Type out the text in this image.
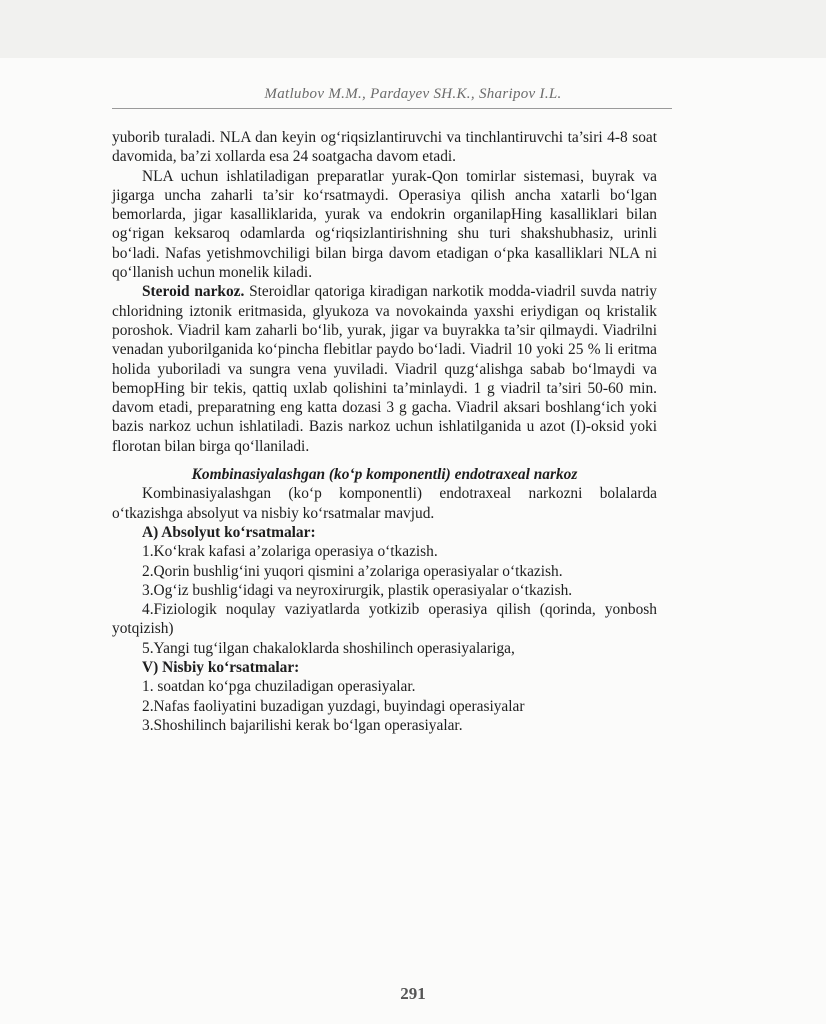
Matlubov M.M., Pardayev SH.K., Sharipov I.L.

yuborib turaladi. NLA dan keyin og‘riqsizlantiruvchi va tinchlantiruvchi ta’siri 4-8 soat davomida, ba’zi xollarda esa 24 soatgacha davom etadi.

NLA uchun ishlatiladigan preparatlar yurak-Qon tomirlar sistemasi, buyrak va jigarga uncha zaharli ta’sir ko‘rsatmaydi. Operasiya qilish ancha xatarli bo‘lgan bemorlarda, jigar kasalliklarida, yurak va endokrin organilapHing kasalliklari bilan og‘rigan keksaroq odamlarda og‘riqsizlantirishning shu turi shakshubhasiz, urinli bo‘ladi. Nafas yetishmovchiligi bilan birga davom etadigan o‘pka kasalliklari NLA ni qo‘llanish uchun monelik kiladi.

Steroid narkoz. Steroidlar qatoriga kiradigan narkotik modda-viadril suvda natriy chloridning iztonik eritmasida, glyukoza va novokainda yaxshi eriydigan oq kristalik poroshok. Viadril kam zaharli bo‘lib, yurak, jigar va buyrakka ta’sir qilmaydi. Viadrilni venadan yuborilganida ko‘pincha flebitlar paydo bo‘ladi. Viadril 10 yoki 25 % li eritma holida yuboriladi va sungra vena yuviladi. Viadril quzg‘alishga sabab bo‘lmaydi va bemopHing bir tekis, qattiq uxlab qolishini ta’minlaydi. 1 g viadril ta’siri 50-60 min. davom etadi, preparatning eng katta dozasi 3 g gacha. Viadril aksari boshlang‘ich yoki bazis narkoz uchun ishlatiladi. Bazis narkoz uchun ishlatilganida u azot (I)-oksid yoki florotan bilan birga qo‘llaniladi.

Kombinasiyalashgan (ko‘p komponentli) endotraxeal narkoz

Kombinasiyalashgan (ko‘p komponentli) endotraxeal narkozni bolalarda o‘tkazishga absolyut va nisbiy ko‘rsatmalar mavjud.

A) Absolyut ko‘rsatmalar:

1.Ko‘krak kafasi a’zolariga operasiya o‘tkazish.

2.Qorin bushlig‘ini yuqori qismini a’zolariga operasiyalar o‘tkazish.

3.Og‘iz bushlig‘idagi va neyroxirurgik, plastik operasiyalar o‘tkazish.

4.Fiziologik noqulay vaziyatlarda yotkizib operasiya qilish (qorinda, yonbosh yotqizish)

5.Yangi tug‘ilgan chakaloklarda shoshilinch operasiyalariga,

V) Nisbiy ko‘rsatmalar:

1. soatdan ko‘pga chuziladigan operasiyalar.

2.Nafas faoliyatini buzadigan yuzdagi, buyindagi operasiyalar

3.Shoshilinch bajarilishi kerak bo‘lgan operasiyalar.

291
